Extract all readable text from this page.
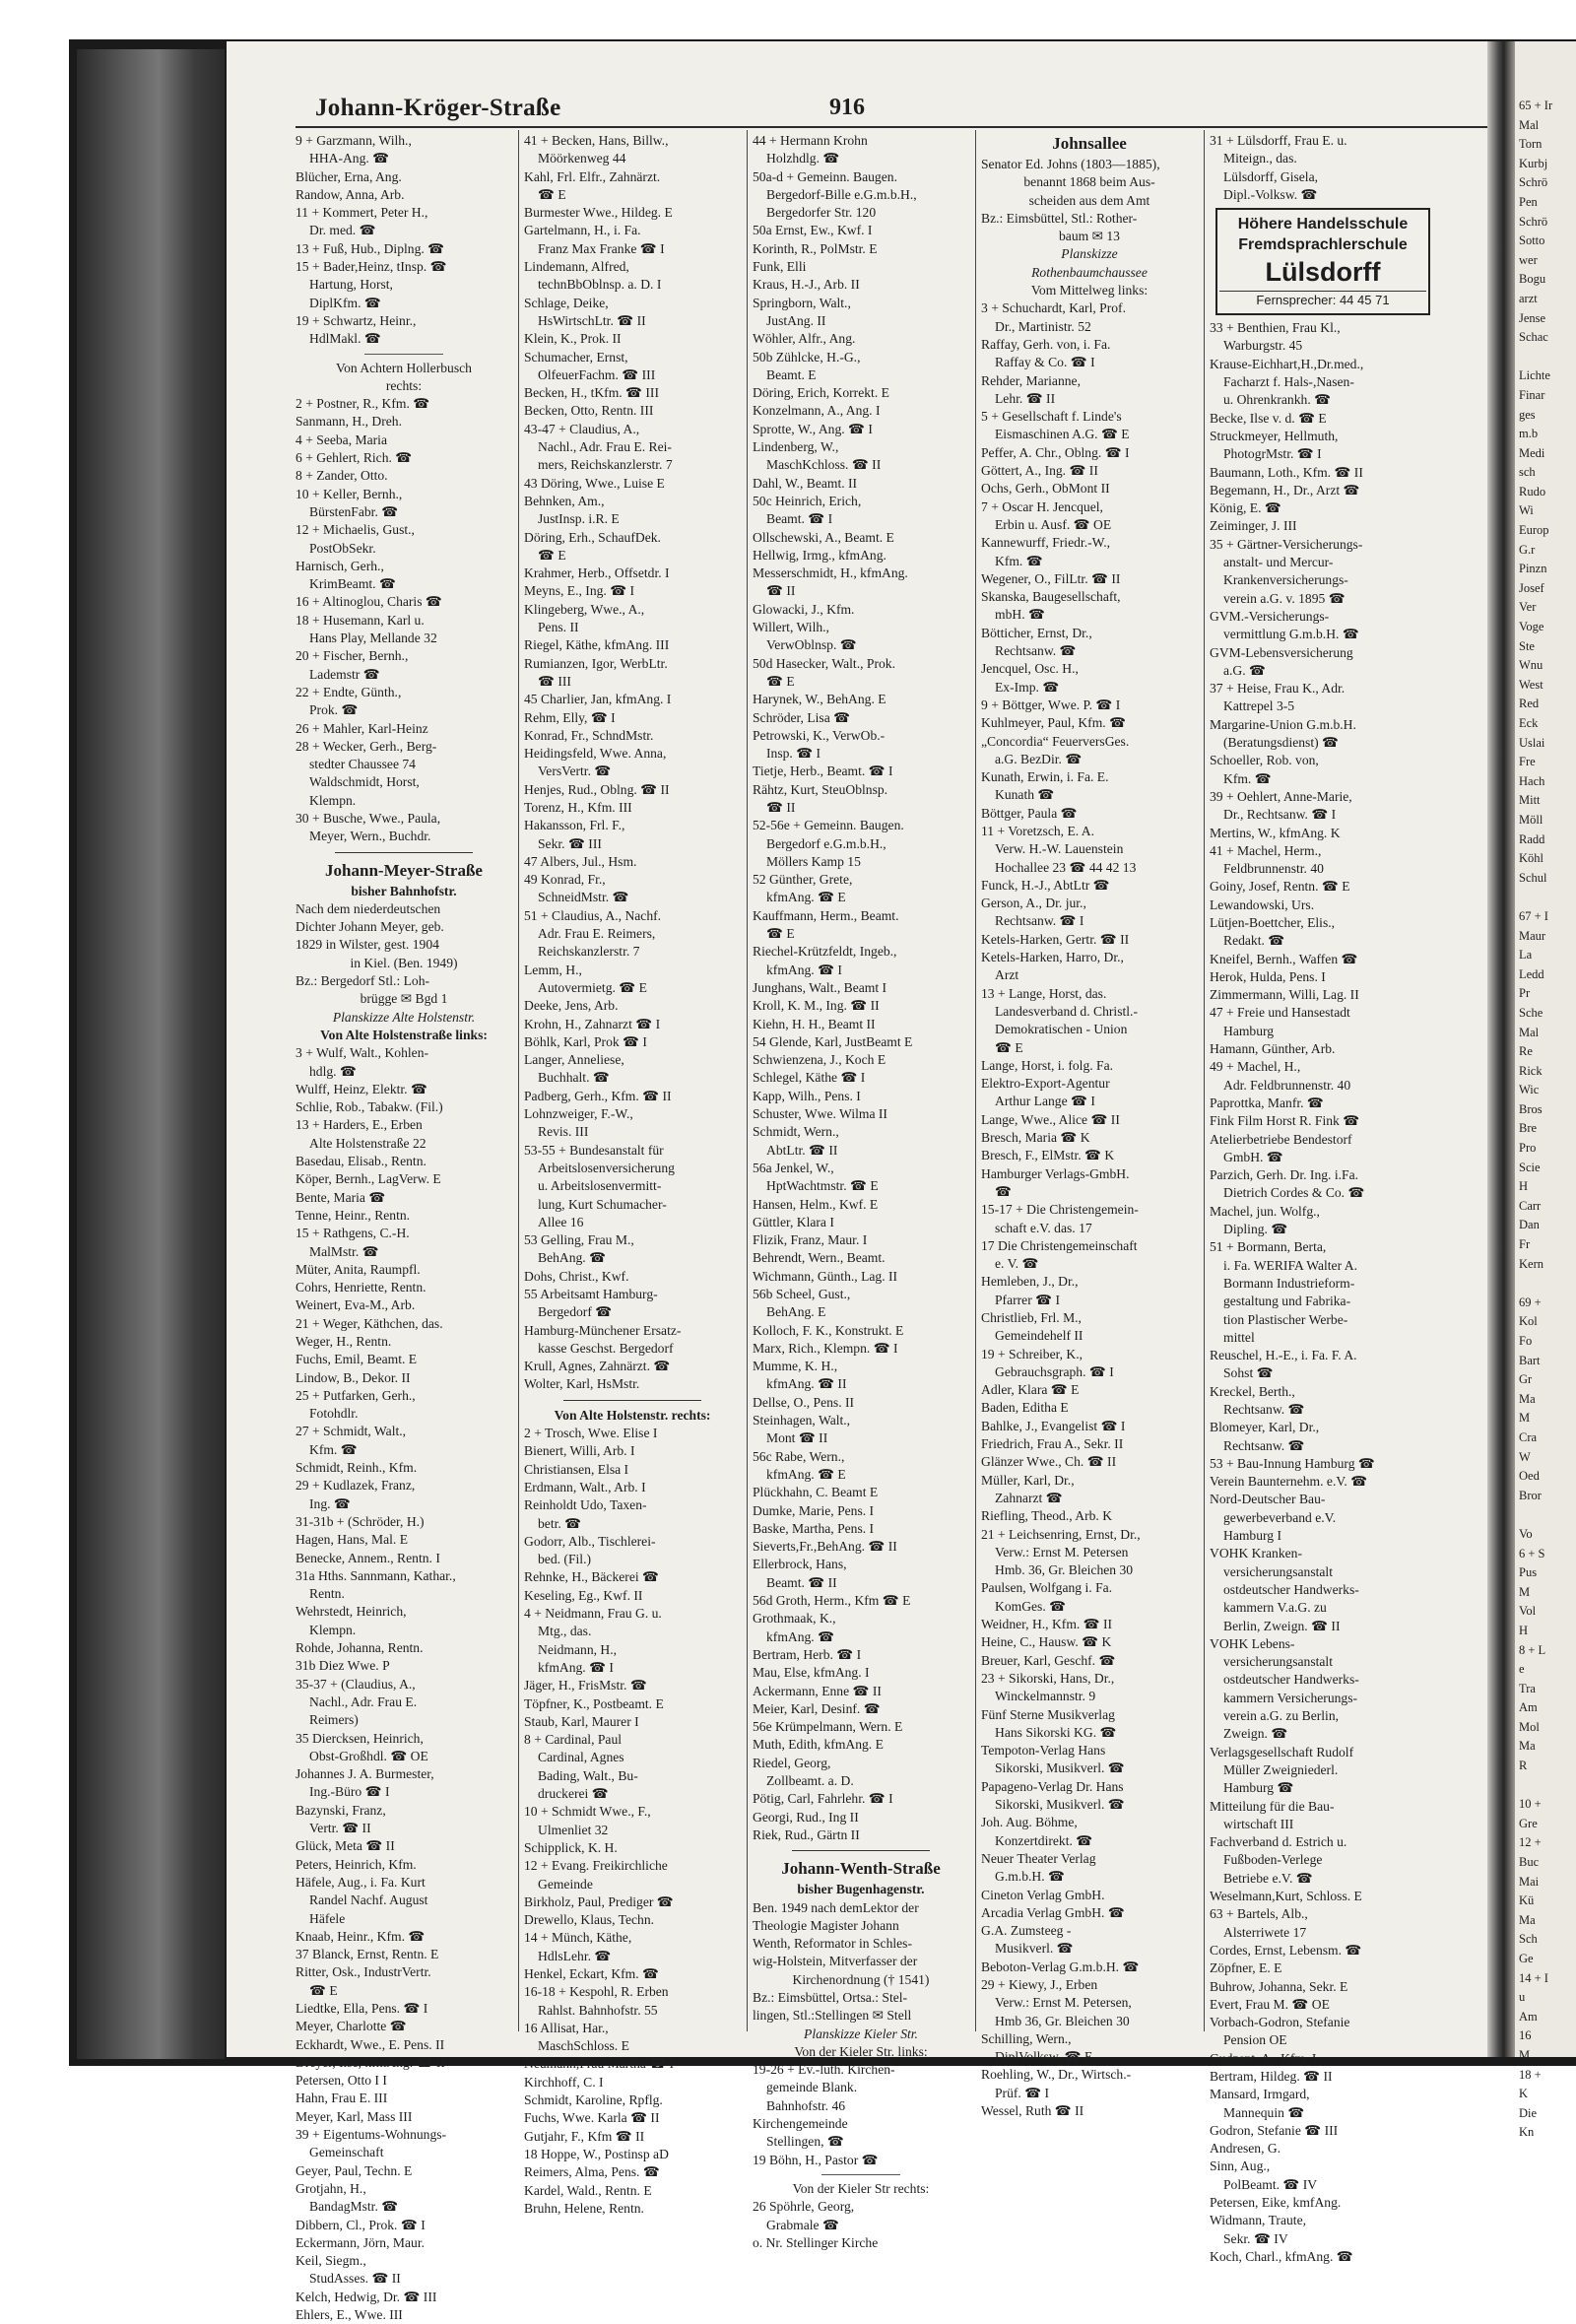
Johann-Kröger-Straße	916
9 + Garzmann, Wilh.,
HHA-Ang. ☎
Blücher, Erna, Ang.
Randow, Anna, Arb.
11 + Kommert, Peter H.,
Dr. med. ☎
13 + Fuß, Hub., Diplng. ☎
15 + Bader,Heinz, tInsp. ☎
Hartung, Horst,
DiplKfm. ☎
19 + Schwartz, Heinr.,
HdlMakl. ☎
Von Achtern Hollerbusch
rechts:
2 + Postner, R., Kfm. ☎
Sanmann, H., Dreh.
4 + Seeba, Maria
6 + Gehlert, Rich. ☎
8 + Zander, Otto.
10 + Keller, Bernh.,
BürstenFabr. ☎
12 + Michaelis, Gust.,
PostObSekr.
Harnisch, Gerh.,
KrimBeamt. ☎
16 + Altinoglou, Charis ☎
18 + Husemann, Karl u.
Hans Play, Mellande 32
20 + Fischer, Bernh.,
Lademstr ☎
22 + Endte, Günth.,
Prok. ☎
26 + Mahler, Karl-Heinz
28 + Wecker, Gerh., Berg-
stedter Chaussee 74
Waldschmidt, Horst,
Klempn.
30 + Busche, Wwe., Paula,
Meyer, Wern., Buchdr.
Johann-Meyer-Straße
bisher Bahnhofstr.
Nach dem niederdeutschen
Dichter Johann Meyer, geb.
1829 in Wilster, gest. 1904
in Kiel. (Ben. 1949)
Bz.: Bergedorf Stl.: Loh-
brügge ✉ Bgd 1
Planskizze Alte Holstenstr.
Von Alte Holstenstraße links:
3 + Wulf, Walt., Kohlen-
hdlg. ☎
Wulff, Heinz, Elektr. ☎
Schlie, Rob., Tabakw. (Fil.)
13 + Harders, E., Erben
Alte Holstenstraße 22
Basedau, Elisab., Rentn.
Köper, Bernh., LagVerw. E
Bente, Maria ☎
Tenne, Heinr., Rentn.
15 + Rathgens, C.-H.
MalMstr. ☎
Müter, Anita, Raumpfl.
Cohrs, Henriette, Rentn.
Weinert, Eva-M., Arb.
21 + Weger, Käthchen, das.
Weger, H., Rentn.
Fuchs, Emil, Beamt. E
Lindow, B., Dekor. II
25 + Putfarken, Gerh.,
Fotohdlr.
27 + Schmidt, Walt.,
Kfm. ☎
Schmidt, Reinh., Kfm.
29 + Kudlazek, Franz,
Ing. ☎
31-31b + (Schröder, H.)
Hagen, Hans, Mal. E
Benecke, Annem., Rentn. I
31a Hths. Sannmann, Kathar.,
Rentn.
Wehrstedt, Heinrich,
Klempn.
Rohde, Johanna, Rentn.
31b Diez Wwe. P
35-37 + (Claudius, A.,
Nachl., Adr. Frau E.
Reimers)
35 Diercksen, Heinrich,
Obst-Großhdl. ☎ OE
Johannes J. A. Burmester,
Ing.-Büro ☎ I
Bazynski, Franz,
Vertr. ☎ II
Glück, Meta ☎ II
Peters, Heinrich, Kfm.
Häfele, Aug., i. Fa. Kurt
Randel Nachf. August
Häfele
Knaab, Heinr., Kfm. ☎
37 Blanck, Ernst, Rentn. E
Ritter, Osk., IndustrVertr.
☎ E
Liedtke, Ella, Pens. ☎ I
Meyer, Charlotte ☎
Eckhardt, Wwe., E. Pens. II
Dreyer, Ilse, kfmAng. ☎ II
Petersen, Otto I I
Hahn, Frau E. III
Meyer, Karl, Mass III
39 + Eigentums-Wohnungs-
Gemeinschaft
Geyer, Paul, Techn. E
Grotjahn, H.,
BandagMstr. ☎
Dibbern, Cl., Prok. ☎ I
Eckermann, Jörn, Maur.
Keil, Siegm.,
StudAsses. ☎ II
Kelch, Hedwig, Dr. ☎ III
Ehlers, E., Wwe. III
41 + Becken, Hans, Billw.,
Möörkenweg 44
Kahl, Frl. Elfr., Zahnärzt.
☎ E
Burmester Wwe., Hildeg. E
Gartelmann, H., i. Fa.
Franz Max Franke ☎ I
Lindemann, Alfred,
technBbOblnsp. a. D. I
Schlage, Deike,
HsWirtschLtr. ☎ II
Klein, K., Prok. II
Schumacher, Ernst,
OlfeuerFachm. ☎ III
Becken, H., tKfm. ☎ III
Becken, Otto, Rentn. III
43-47 + Claudius, A.,
Nachl., Adr. Frau E. Rei-
mers, Reichskanzlerstr. 7
43 Döring, Wwe., Luise E
Behnken, Am.,
JustInsp. i.R. E
Döring, Erh., SchaufDek.
☎ E
Krahmer, Herb., Offsetdr. I
Meyns, E., Ing. ☎ I
Klingeberg, Wwe., A.,
Pens. II
Riegel, Käthe, kfmAng. III
Rumianzen, Igor, WerbLtr.
☎ III
45 Charlier, Jan, kfmAng. I
Rehm, Elly, ☎ I
Konrad, Fr., SchndMstr.
Heidingsfeld, Wwe. Anna,
VersVertr. ☎
Henjes, Rud., Oblng. ☎ II
Torenz, H., Kfm. III
Hakansson, Frl. F.,
Sekr. ☎ III
47 Albers, Jul., Hsm.
49 Konrad, Fr.,
SchneidMstr. ☎
51 + Claudius, A., Nachf.
Adr. Frau E. Reimers,
Reichskanzlerstr. 7
Lemm, H.,
Autovermietg. ☎ E
Deeke, Jens, Arb.
Krohn, H., Zahnarzt ☎ I
Böhlk, Karl, Prok ☎ I
Langer, Anneliese,
Buchhalt. ☎
Padberg, Gerh., Kfm. ☎ II
Lohnzweiger, F.-W.,
Revis. III
53-55 + Bundesanstalt für
Arbeitslosenversicherung
u. Arbeitslosenvermitt-
lung, Kurt Schumacher-
Allee 16
53 Gelling, Frau M.,
BehAng. ☎
Dohs, Christ., Kwf.
55 Arbeitsamt Hamburg-
Bergedorf ☎
Hamburg-Münchener Ersatz-
kasse Geschst. Bergedorf
Krull, Agnes, Zahnärzt. ☎
Wolter, Karl, HsMstr.
Von Alte Holstenstr. rechts:
2 + Trosch, Wwe. Elise I
Bienert, Willi, Arb. I
Christiansen, Elsa I
Erdmann, Walt., Arb. I
Reinholdt Udo, Taxen-
betr. ☎
Godorr, Alb., Tischlerei-
bed. (Fil.)
Rehnke, H., Bäckerei ☎
Keseling, Eg., Kwf. II
4 + Neidmann, Frau G. u.
Mtg., das.
Neidmann, H.,
kfmAng. ☎ I
Jäger, H., FrisMstr. ☎
Töpfner, K., Postbeamt. E
Staub, Karl, Maurer I
8 + Cardinal, Paul
Cardinal, Agnes
Bading, Walt., Bu-
druckerei ☎
10 + Schmidt Wwe., F.,
Ulmenliet 32
Schipplick, K. H.
12 + Evang. Freikirchliche
Gemeinde
Birkholz, Paul, Prediger ☎
Drewello, Klaus, Techn.
14 + Münch, Käthe,
HdlsLehr. ☎
Henkel, Eckart, Kfm. ☎
16-18 + Kespohl, R. Erben
Rahlst. Bahnhofstr. 55
16 Allisat, Har.,
MaschSchloss. E
Neumann,Frau Martha ☎ I
Kirchhoff, C. I
Schmidt, Karoline, Rpflg.
Fuchs, Wwe. Karla ☎ II
Gutjahr, F., Kfm ☎ II
18 Hoppe, W., Postinsp aD
Reimers, Alma, Pens. ☎
Kardel, Wald., Rentn. E
Bruhn, Helene, Rentn.
44 + Hermann Krohn
Holzhdlg. ☎
50a-d + Gemeinn. Baugen.
Bergedorf-Bille e.G.m.b.H.,
Bergedorfer Str. 120
50a Ernst, Ew., Kwf. I
Korinth, R., PolMstr. E
Funk, Elli
Kraus, H.-J., Arb. II
Springborn, Walt.,
JustAng. II
Wöhler, Alfr., Ang.
50b Zühlcke, H.-G.,
Beamt. E
Döring, Erich, Korrekt. E
Konzelmann, A., Ang. I
Sprotte, W., Ang. ☎ I
Lindenberg, W.,
MaschKchloss. ☎ II
Dahl, W., Beamt. II
50c Heinrich, Erich,
Beamt. ☎ I
Ollschewski, A., Beamt. E
Hellwig, Irmg., kfmAng.
Messerschmidt, H., kfmAng.
☎ II
Glowacki, J., Kfm.
Willert, Wilh.,
VerwOblnsp. ☎
50d Hasecker, Walt., Prok.
☎ E
Harynek, W., BehAng. E
Schröder, Lisa ☎
Petrowski, K., VerwOb.-
Insp. ☎ I
Tietje, Herb., Beamt. ☎ I
Rähtz, Kurt, SteuOblnsp.
☎ II
52-56e + Gemeinn. Baugen.
Bergedorf e.G.m.b.H.,
Möllers Kamp 15
52 Günther, Grete,
kfmAng. ☎ E
Kauffmann, Herm., Beamt.
☎ E
Riechel-Krützfeldt, Ingeb.,
kfmAng. ☎ I
Junghans, Walt., Beamt I
Kroll, K. M., Ing. ☎ II
Kiehn, H. H., Beamt II
54 Glende, Karl, JustBeamt E
Schwienzena, J., Koch E
Schlegel, Käthe ☎ I
Kapp, Wilh., Pens. I
Schuster, Wwe. Wilma II
Schmidt, Wern.,
AbtLtr. ☎ II
56a Jenkel, W.,
HptWachtmstr. ☎ E
Hansen, Helm., Kwf. E
Güttler, Klara I
Flizik, Franz, Maur. I
Behrendt, Wern., Beamt.
Wichmann, Günth., Lag. II
56b Scheel, Gust.,
BehAng. E
Kolloch, F. K., Konstrukt. E
Marx, Rich., Klempn. ☎ I
Mumme, K. H.,
kfmAng. ☎ II
Dellse, O., Pens. II
Steinhagen, Walt.,
Mont ☎ II
56c Rabe, Wern.,
kfmAng. ☎ E
Plückhahn, C. Beamt E
Dumke, Marie, Pens. I
Baske, Martha, Pens. I
Sieverts,Fr.,BehAng. ☎ II
Ellerbrock, Hans,
Beamt. ☎ II
56d Groth, Herm., Kfm ☎ E
Grothmaak, K.,
kfmAng. ☎
Bertram, Herb. ☎ I
Mau, Else, kfmAng. I
Ackermann, Enne ☎ II
Meier, Karl, Desinf. ☎
56e Krümpelmann, Wern. E
Muth, Edith, kfmAng. E
Riedel, Georg,
Zollbeamt. a. D.
Pötig, Carl, Fahrlehr. ☎ I
Georgi, Rud., Ing II
Riek, Rud., Gärtn II
Johann-Wenth-Straße
bisher Bugenhagenstr.
Ben. 1949 nach demLektor der
Theologie Magister Johann
Wenth, Reformator in Schles-
wig-Holstein, Mitverfasser der
Kirchenordnung († 1541)
Bz.: Eimsbüttel, Ortsa.: Stel-
lingen, Stl.:Stellingen ✉ Stell
Planskizze Kieler Str.
Von der Kieler Str. links:
19-26 + Ev.-luth. Kirchen-
gemeinde Blank.
Bahnhofstr. 46
Kirchengemeinde
Stellingen, ☎
19 Böhn, H., Pastor ☎
Von der Kieler Str rechts:
26 Spöhrle, Georg,
Grabmale ☎
o. Nr. Stellinger Kirche
Johnsallee
Senator Ed. Johns (1803—1885),
benannt 1868 beim Aus-
scheiden aus dem Amt
Bz.: Eimsbüttel, Stl.: Rother-
baum ✉ 13
Planskizze
Rothenbaumchaussee
Vom Mittelweg links:
3 + Schuchardt, Karl, Prof.
Dr., Martinistr. 52
Raffay, Gerh. von, i. Fa.
Raffay & Co. ☎ I
Rehder, Marianne,
Lehr. ☎ II
5 + Gesellschaft f. Linde's
Eismaschinen A.G. ☎ E
Peffer, A. Chr., Oblng. ☎ I
Göttert, A., Ing. ☎ II
Ochs, Gerh., ObMont II
7 + Oscar H. Jencquel,
Erbin u. Ausf. ☎ OE
Kannewurff, Friedr.-W.,
Kfm. ☎
Wegener, O., FilLtr. ☎ II
Skanska, Baugesellschaft,
mbH. ☎
Bötticher, Ernst, Dr.,
Rechtsanw. ☎
Jencquel, Osc. H.,
Ex-Imp. ☎
9 + Böttger, Wwe. P. ☎ I
Kuhlmeyer, Paul, Kfm. ☎
„Concordia“ FeuerversGes.
a.G. BezDir. ☎
Kunath, Erwin, i. Fa. E.
Kunath ☎
Böttger, Paula ☎
11 + Voretzsch, E. A.
Verw. H.-W. Lauenstein
Hochallee 23 ☎ 44 42 13
Funck, H.-J., AbtLtr ☎
Gerson, A., Dr. jur.,
Rechtsanw. ☎ I
Ketels-Harken, Gertr. ☎ II
Ketels-Harken, Harro, Dr.,
Arzt
13 + Lange, Horst, das.
Landesverband d. Christl.-
Demokratischen - Union
☎ E
Lange, Horst, i. folg. Fa.
Elektro-Export-Agentur
Arthur Lange ☎ I
Lange, Wwe., Alice ☎ II
Bresch, Maria ☎ K
Bresch, F., ElMstr. ☎ K
Hamburger Verlags-GmbH.
☎
15-17 + Die Christengemein-
schaft e.V. das. 17
17 Die Christengemeinschaft
e. V. ☎
Hemleben, J., Dr.,
Pfarrer ☎ I
Christlieb, Frl. M.,
Gemeindehelf II
19 + Schreiber, K.,
Gebrauchsgraph. ☎ I
Adler, Klara ☎ E
Baden, Editha E
Bahlke, J., Evangelist ☎ I
Friedrich, Frau A., Sekr. II
Glänzer Wwe., Ch. ☎ II
Müller, Karl, Dr.,
Zahnarzt ☎
Riefling, Theod., Arb. K
21 + Leichsenring, Ernst, Dr.,
Verw.: Ernst M. Petersen
Hmb. 36, Gr. Bleichen 30
Paulsen, Wolfgang i. Fa.
KomGes. ☎
Weidner, H., Kfm. ☎ II
Heine, C., Hausw. ☎ K
Breuer, Karl, Geschf. ☎
23 + Sikorski, Hans, Dr.,
Winckelmannstr. 9
Fünf Sterne Musikverlag
Hans Sikorski KG. ☎
Tempoton-Verlag Hans
Sikorski, Musikverl. ☎
Papageno-Verlag Dr. Hans
Sikorski, Musikverl. ☎
Joh. Aug. Böhme,
Konzertdirekt. ☎
Neuer Theater Verlag
G.m.b.H. ☎
Cineton Verlag GmbH.
Arcadia Verlag GmbH. ☎
G.A. Zumsteeg -
Musikverl. ☎
Beboton-Verlag G.m.b.H. ☎
29 + Kiewy, J., Erben
Verw.: Ernst M. Petersen,
Hmb 36, Gr. Bleichen 30
Schilling, Wern.,
DiplVolksw. ☎ E
Roehling, W., Dr., Wirtsch.-
Prüf. ☎ I
Wessel, Ruth ☎ II
31 + Lülsdorff, Frau E. u.
Miteign., das.
Lülsdorff, Gisela,
Dipl.-Volksw. ☎
Höhere Handelsschule
Fremdsprachlerschule
Lülsdorff
Fernsprecher: 44 45 71
33 + Benthien, Frau Kl.,
Warburgstr. 45
Krause-Eichhart,H.,Dr.med.,
Facharzt f. Hals-,Nasen-
u. Ohrenkrankh. ☎
Becke, Ilse v. d. ☎ E
Struckmeyer, Hellmuth,
PhotogrMstr. ☎ I
Baumann, Loth., Kfm. ☎ II
Begemann, H., Dr., Arzt ☎
König, E. ☎
Zeiminger, J. III
35 + Gärtner-Versicherungs-
anstalt- und Mercur-
Krankenversicherungs-
verein a.G. v. 1895 ☎
GVM.-Versicherungs-
vermittlung G.m.b.H. ☎
GVM-Lebensversicherung
a.G. ☎
37 + Heise, Frau K., Adr.
Kattrepel 3-5
Margarine-Union G.m.b.H.
(Beratungsdienst) ☎
Schoeller, Rob. von,
Kfm. ☎
39 + Oehlert, Anne-Marie,
Dr., Rechtsanw. ☎ I
Mertins, W., kfmAng. K
41 + Machel, Herm.,
Feldbrunnenstr. 40
Goiny, Josef, Rentn. ☎ E
Lewandowski, Urs.
Lütjen-Boettcher, Elis.,
Redakt. ☎
Kneifel, Bernh., Waffen ☎
Herok, Hulda, Pens. I
Zimmermann, Willi, Lag. II
47 + Freie und Hansestadt
Hamburg
Hamann, Günther, Arb.
49 + Machel, H.,
Adr. Feldbrunnenstr. 40
Paprottka, Manfr. ☎
Fink Film Horst R. Fink ☎
Atelierbetriebe Bendestorf
GmbH. ☎
Parzich, Gerh. Dr. Ing. i.Fa.
Dietrich Cordes & Co. ☎
Machel, jun. Wolfg.,
Dipling. ☎
51 + Bormann, Berta,
i. Fa. WERIFA Walter A.
Bormann Industrieform-
gestaltung und Fabrika-
tion Plastischer Werbe-
mittel
Reuschel, H.-E., i. Fa. F. A.
Sohst ☎
Kreckel, Berth.,
Rechtsanw. ☎
Blomeyer, Karl, Dr.,
Rechtsanw. ☎
53 + Bau-Innung Hamburg ☎
Verein Baunternehm. e.V. ☎
Nord-Deutscher Bau-
gewerbeverband e.V.
Hamburg I
VOHK Kranken-
versicherungsanstalt
ostdeutscher Handwerks-
kammern V.a.G. zu
Berlin, Zweign. ☎ II
VOHK Lebens-
versicherungsanstalt
ostdeutscher Handwerks-
kammern Versicherungs-
verein a.G. zu Berlin,
Zweign. ☎
Verlagsgesellschaft Rudolf
Müller Zweigniederl.
Hamburg ☎
Mitteilung für die Bau-
wirtschaft III
Fachverband d. Estrich u.
Fußboden-Verlege
Betriebe e.V. ☎
Weselmann,Kurt, Schloss. E
63 + Bartels, Alb.,
Alsterriwete 17
Cordes, Ernst, Lebensm. ☎
Zöpfner, E. E
Buhrow, Johanna, Sekr. E
Evert, Frau M. ☎ OE
Vorbach-Godron, Stefanie
Pension OE
Gudzent, A., Kfm. I
Bertram, Hildeg. ☎ II
Mansard, Irmgard,
Mannequin ☎
Godron, Stefanie ☎ III
Andresen, G.
Sinn, Aug.,
PolBeamt. ☎ IV
Petersen, Eike, kmfAng.
Widmann, Traute,
Sekr. ☎ IV
Koch, Charl., kfmAng. ☎
65 + Ir
Mal
Torn
Kurbj
Schrö
Pen
Schrö
Sotto
wer
Bogu
arzt
Jense
Schac
Lichte
Finar
ges
m.b
Medi
sch
Rudo
Wi
Europ
G.r
Pinzn
Josef
Ver
Voge
Ste
Wnu
West
Red
Eck
Uslai
Fre
Hach
Mitt
Möll
Radd
Köhl
Schul
67 + I
Maur
La
Ledd
Pr
Sche
Mal
Re
Rick
Wic
Bros
Bre
Pro
Scie
H
Carr
Dan
Fr
Kern
69 +
Kol
Fo
Bart
Gr
Ma
M
Cra
W
Oed
Bror
Vo
6 + S
Pus
M
Vol
H
8 + L
e
Tra
Am
Mol
Ma
R
10 +
Gre
12 +
Buc
Mai
Kü
Ma
Sch
Ge
14 + I
u
Am
16
M
18 +
K
Die
Kn
